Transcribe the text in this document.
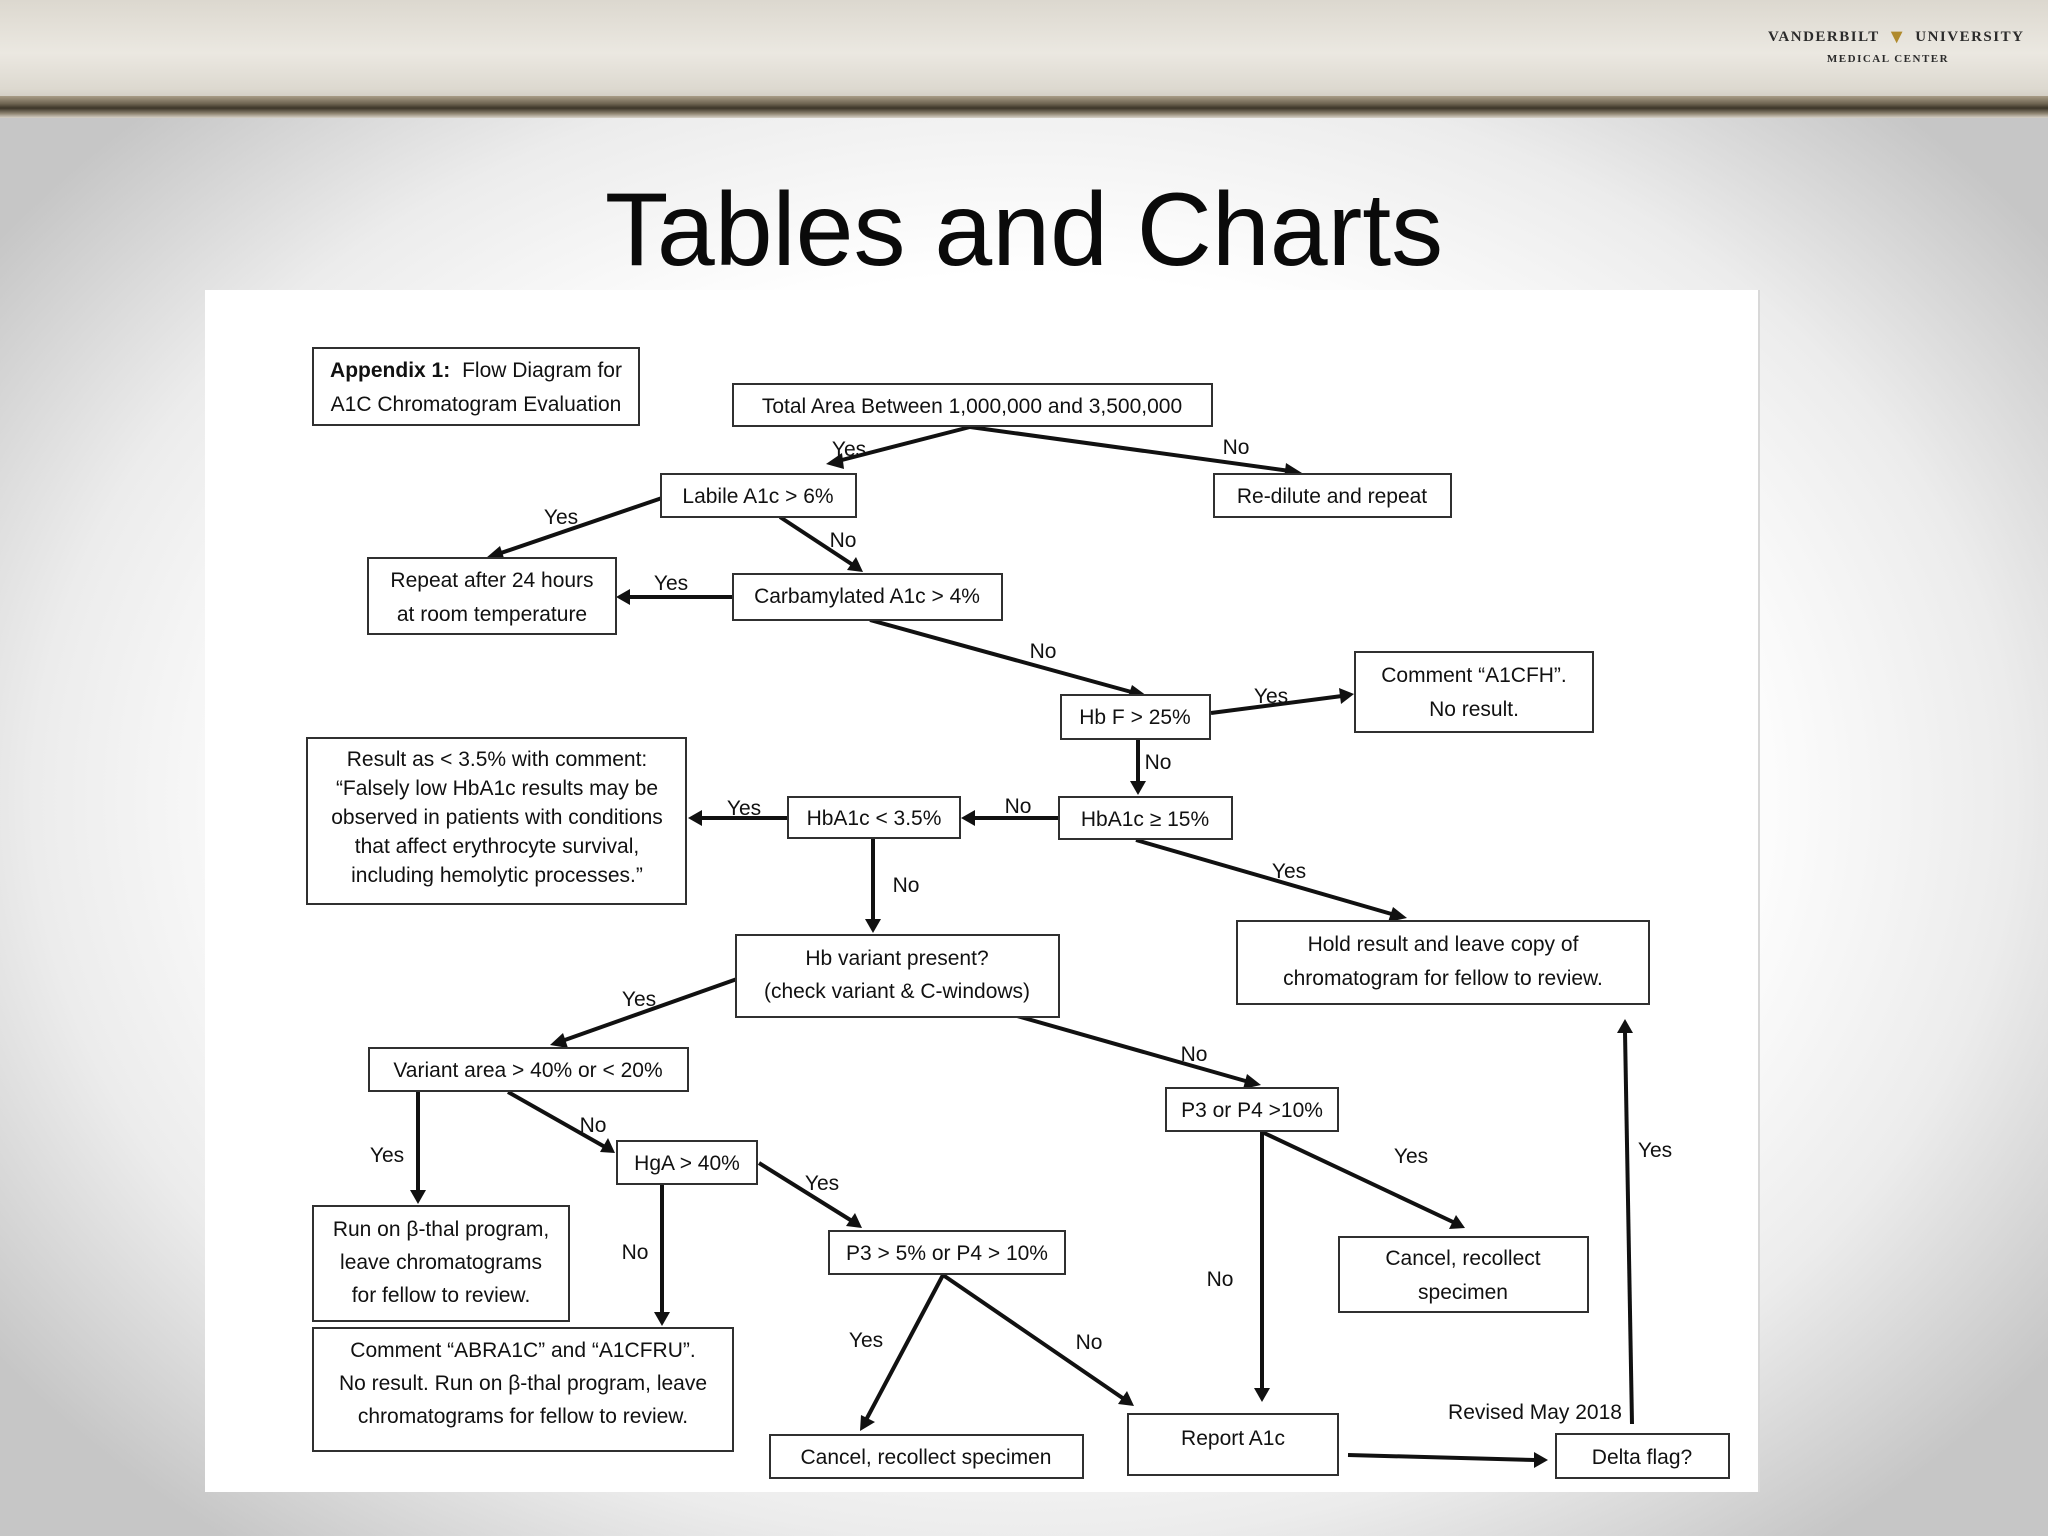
VANDERBILT ▼ UNIVERSITY
MEDICAL CENTER
Tables and Charts
Appendix 1: Flow Diagram for
A1C Chromatogram Evaluation	Total Area Between 1,000,000 and 3,500,000
Labile A1c > 6%	Re-dilute and repeat
Repeat after 24 hours
at room temperature
Carbamylated A1c > 4%
Hb F > 25%
Comment “A1CFH”.
No result.
Result as < 3.5% with comment:
“Falsely low HbA1c results may be
observed in patients with conditions
that affect erythrocyte survival,
including hemolytic processes.”
HbA1c < 3.5%	HbA1c ≥ 15%
Hold result and leave copy of
chromatogram for fellow to review.
Hb variant present?
(check variant & C-windows)
Variant area > 40% or < 20%
P3 or P4 >10%
HgA > 40%
Run on β-thal program,
leave chromatograms
for fellow to review.
P3 > 5% or P4 > 10%	Cancel, recollect
specimen
Comment “ABRA1C” and “A1CFRU”.
No result. Run on β-thal program, leave
chromatograms for fellow to review.
Cancel, recollect specimen
Report A1c
Delta flag?
Yes	No
Yes
No
Yes
No
Yes
No
Yes	No
Yes
No
Yes
No
No
Yes	Yes	Yes
Yes
No
No
Yes	No
Revised May 2018
